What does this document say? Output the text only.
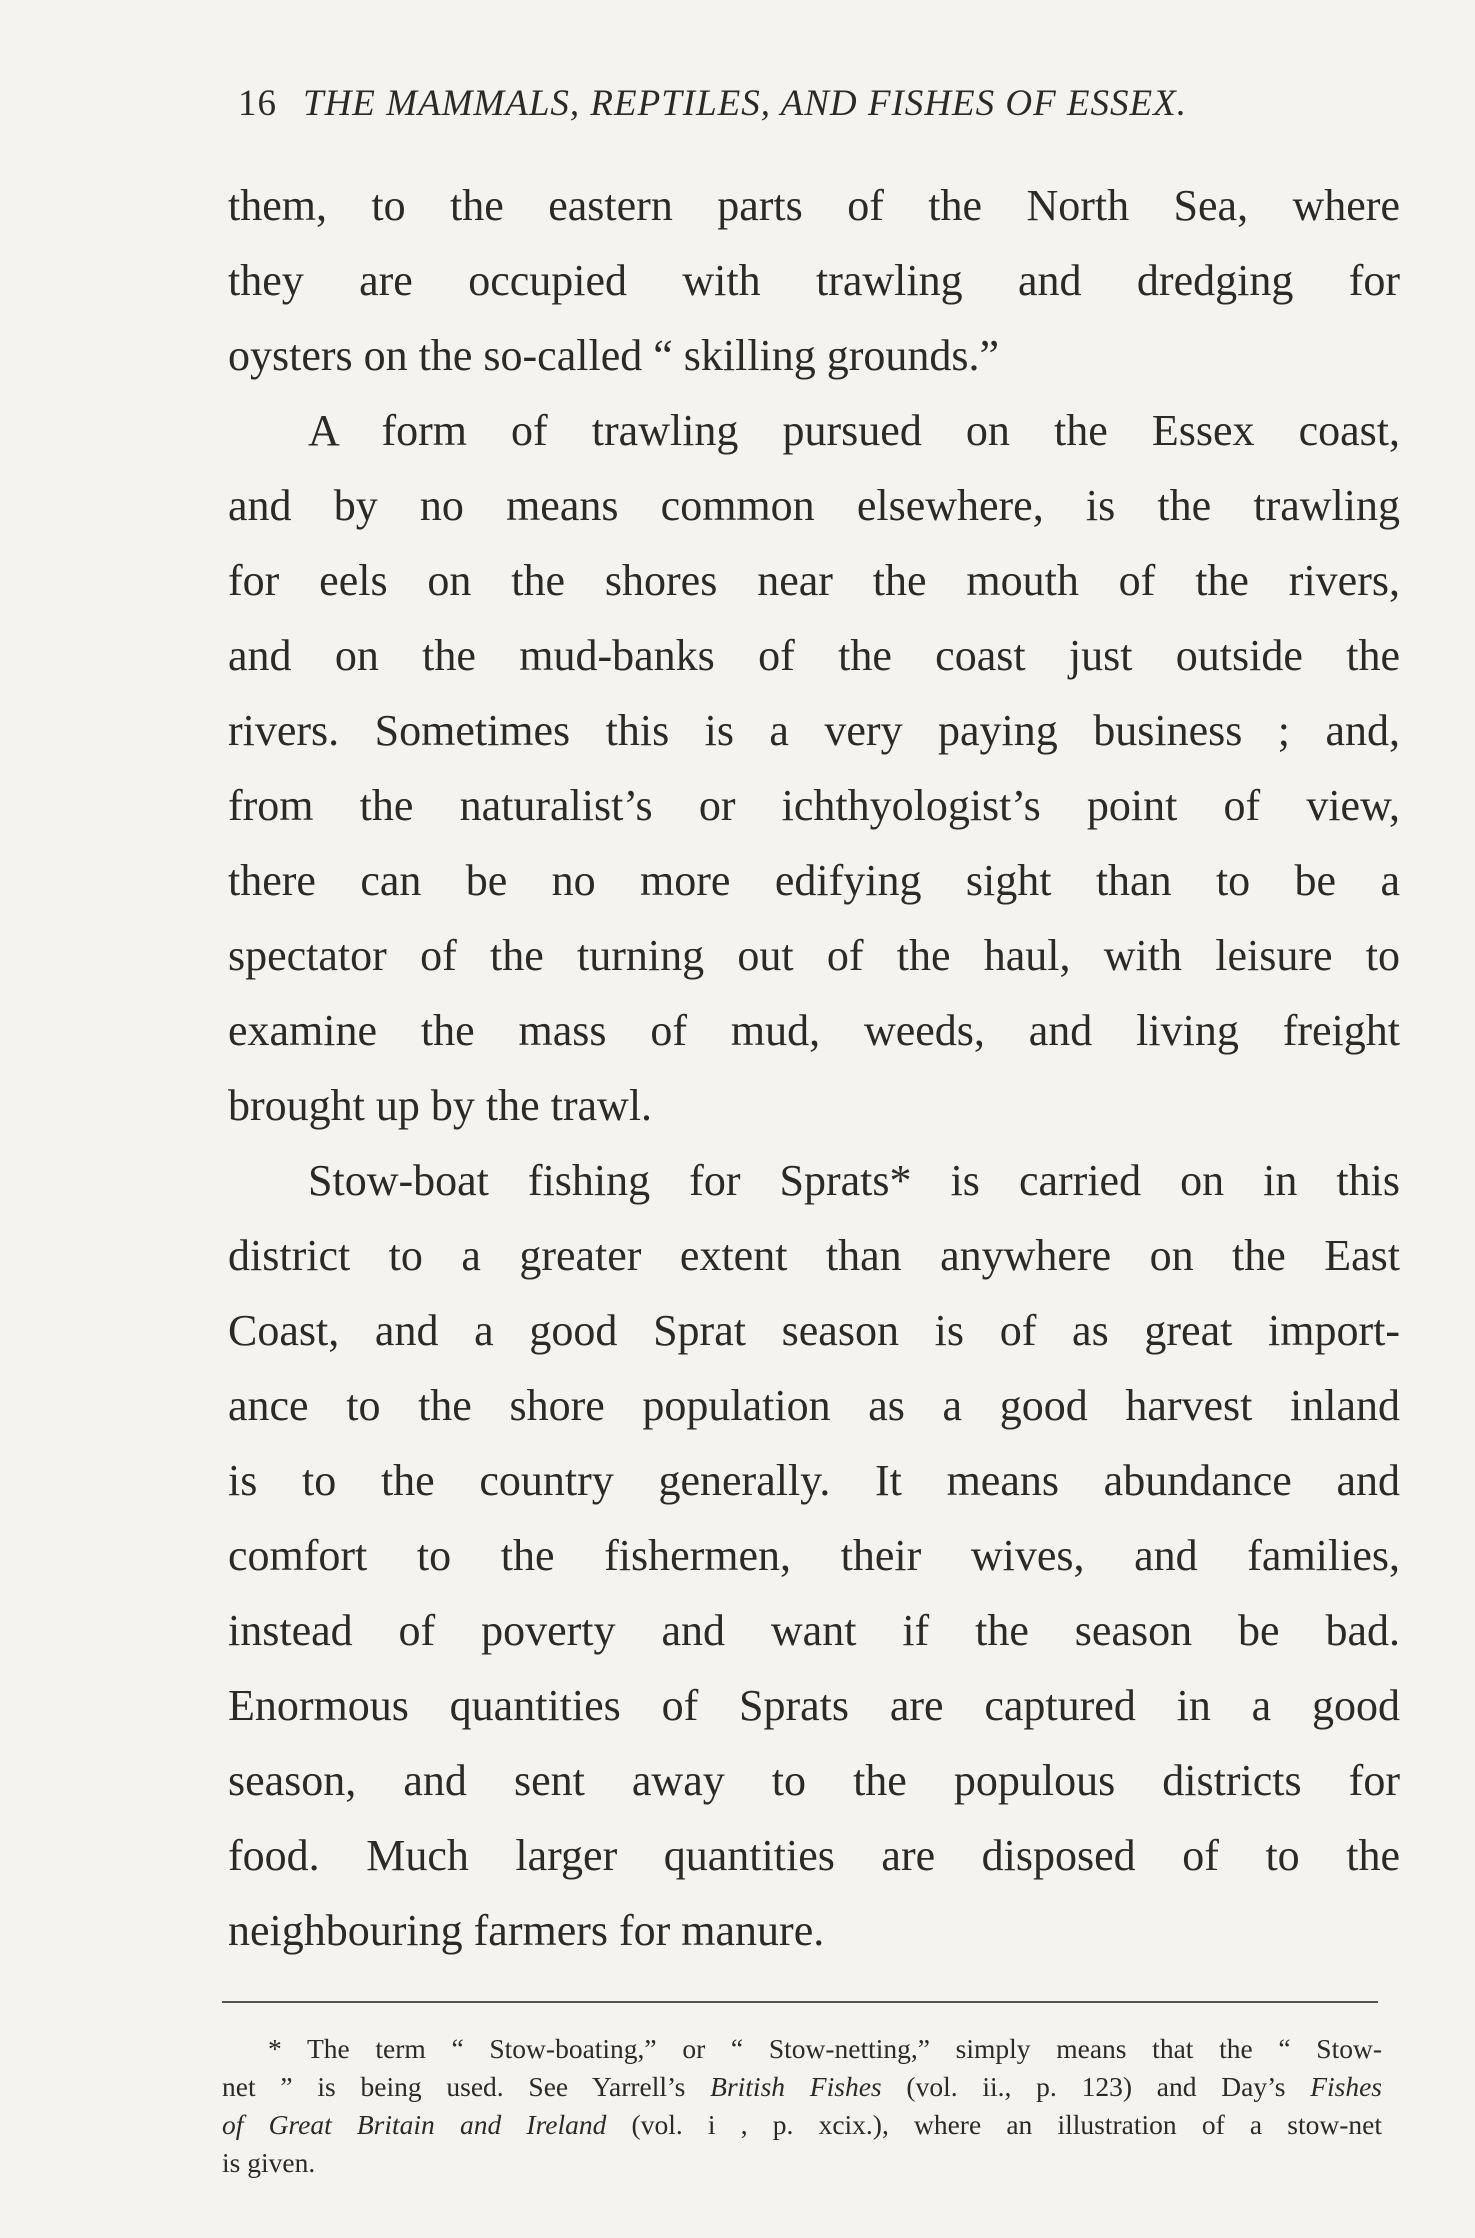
16 THE MAMMALS, REPTILES, AND FISHES OF ESSEX.
them, to the eastern parts of the North Sea, where
they are occupied with trawling and dredging for
oysters on the so-called “ skilling grounds.”
A form of trawling pursued on the Essex coast,
and by no means common elsewhere, is the trawling
for eels on the shores near the mouth of the rivers,
and on the mud-banks of the coast just outside the
rivers. Sometimes this is a very paying business ; and,
from the naturalist’s or ichthyologist’s point of view,
there can be no more edifying sight than to be a
spectator of the turning out of the haul, with leisure to
examine the mass of mud, weeds, and living freight
brought up by the trawl.
Stow-boat fishing for Sprats* is carried on in this
district to a greater extent than anywhere on the East
Coast, and a good Sprat season is of as great import-
ance to the shore population as a good harvest inland
is to the country generally. It means abundance and
comfort to the fishermen, their wives, and families,
instead of poverty and want if the season be bad.
Enormous quantities of Sprats are captured in a good
season, and sent away to the populous districts for
food. Much larger quantities are disposed of to the
neighbouring farmers for manure.
* The term “ Stow-boating,” or “ Stow-netting,” simply means that the “ Stow-
net ” is being used. See Yarrell’s British Fishes (vol. ii., p. 123) and Day’s Fishes
of Great Britain and Ireland (vol. i , p. xcix.), where an illustration of a stow-net
is given.
